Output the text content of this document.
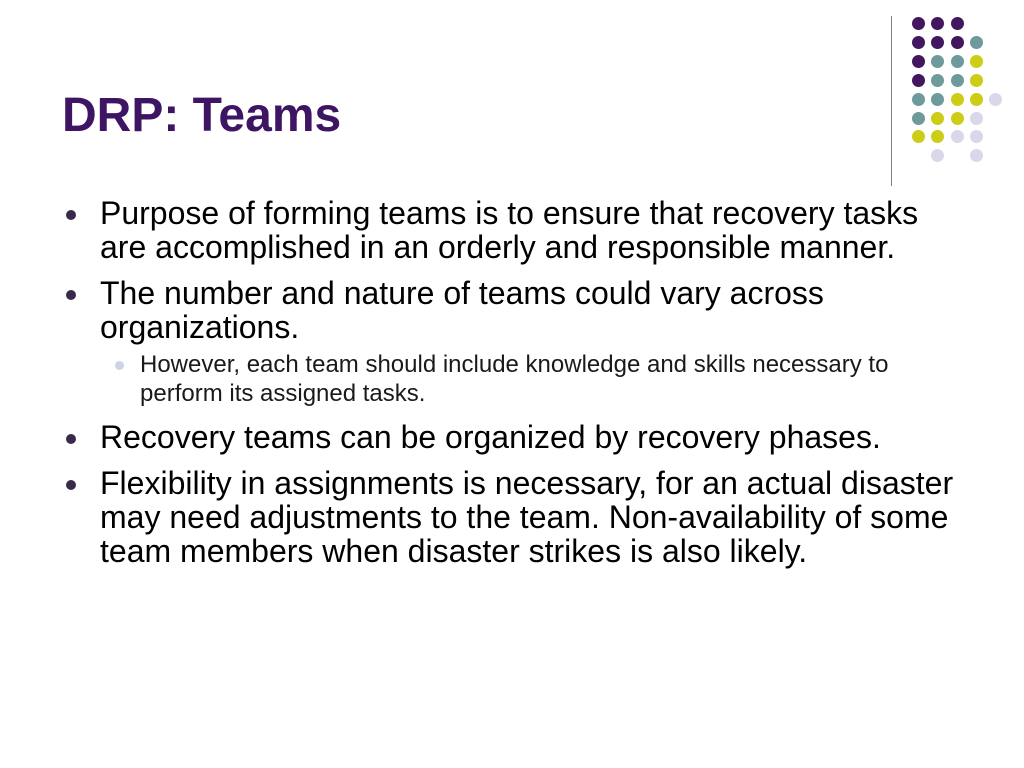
DRP: Teams
Purpose of forming teams is to ensure that recovery tasks are accomplished in an orderly and responsible manner.
The number and nature of teams could vary across organizations.
However, each team should include knowledge and skills necessary to perform its assigned tasks.
Recovery teams can be organized by recovery phases.
Flexibility in assignments is necessary, for an actual disaster may need adjustments to the team. Non-availability of some team members when disaster strikes is also likely.
